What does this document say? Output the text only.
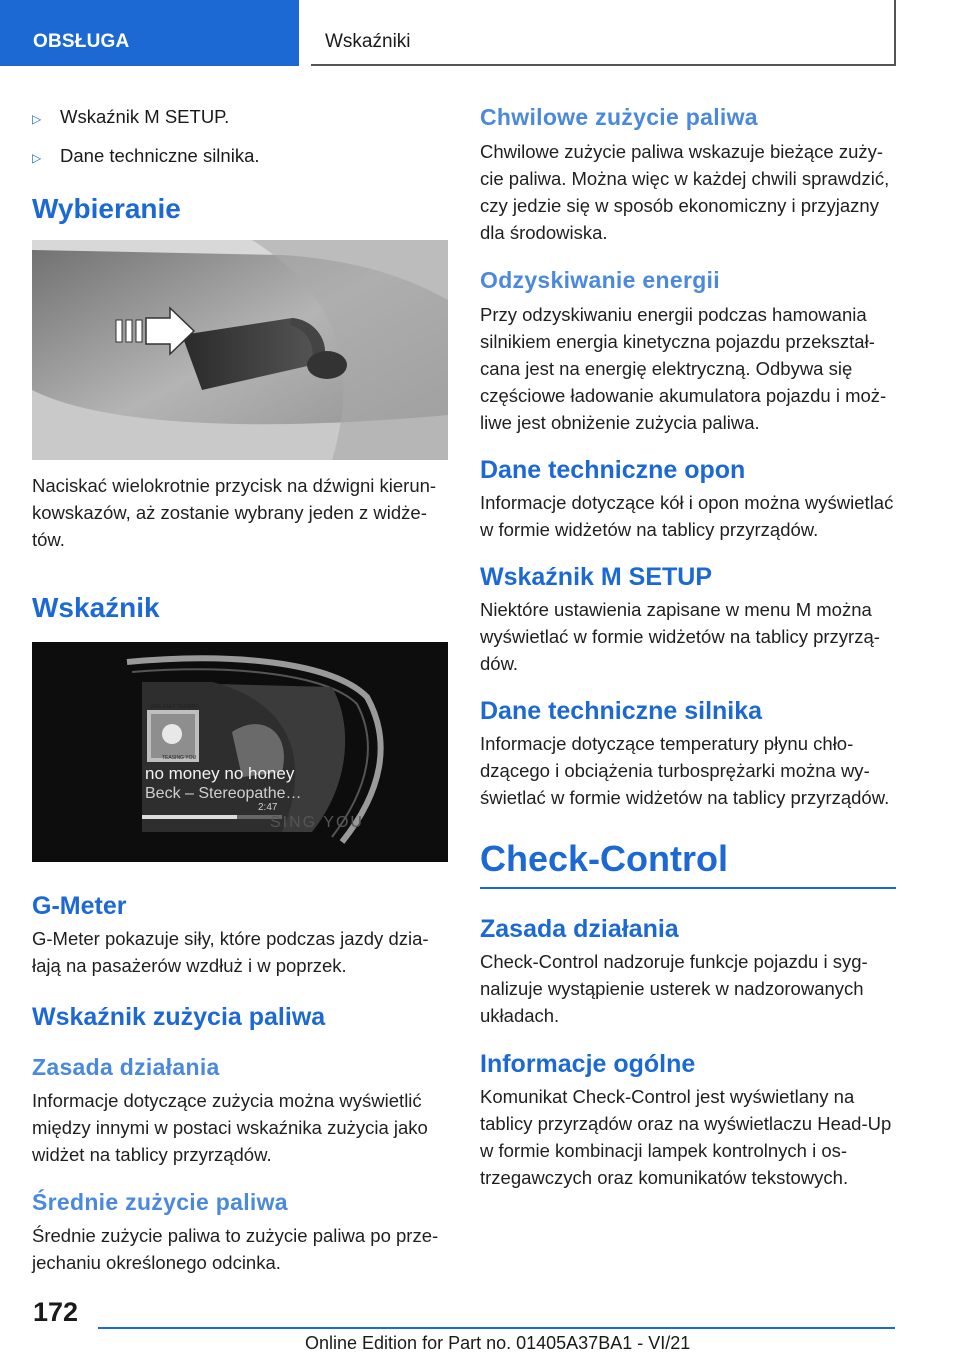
OBSŁUGA	Wskaźniki
▷	Wskaźnik M SETUP.
▷	Dane techniczne silnika.
Wybieranie
Naciskać wielokrotnie przycisk na dźwigni kierunkowskazów, aż zostanie wybrany jeden z widżetów.
Wskaźnik
WAS ONLY TEASING
TEASING YOU
no money no honey
Beck – Stereopathe…
2:47
SING YOU
G-Meter
G-Meter pokazuje siły, które podczas jazdy działają na pasażerów wzdłuż i w poprzek.
Wskaźnik zużycia paliwa
Zasada działania
Informacje dotyczące zużycia można wyświetlić między innymi w postaci wskaźnika zużycia jako widżet na tablicy przyrządów.
Średnie zużycie paliwa
Średnie zużycie paliwa to zużycie paliwa po przejechaniu określonego odcinka.
Chwilowe zużycie paliwa
Chwilowe zużycie paliwa wskazuje bieżące zużycie paliwa. Można więc w każdej chwili sprawdzić, czy jedzie się w sposób ekonomiczny i przyjazny dla środowiska.
Odzyskiwanie energii
Przy odzyskiwaniu energii podczas hamowania silnikiem energia kinetyczna pojazdu przekształcana jest na energię elektryczną. Odbywa się częściowe ładowanie akumulatora pojazdu i możliwe jest obniżenie zużycia paliwa.
Dane techniczne opon
Informacje dotyczące kół i opon można wyświetlać w formie widżetów na tablicy przyrządów.
Wskaźnik M SETUP
Niektóre ustawienia zapisane w menu M można wyświetlać w formie widżetów na tablicy przyrządów.
Dane techniczne silnika
Informacje dotyczące temperatury płynu chłodzącego i obciążenia turbosprężarki można wyświetlać w formie widżetów na tablicy przyrządów.
Check-Control
Zasada działania
Check-Control nadzoruje funkcje pojazdu i sygnalizuje wystąpienie usterek w nadzorowanych układach.
Informacje ogólne
Komunikat Check-Control jest wyświetlany na tablicy przyrządów oraz na wyświetlaczu Head-Up w formie kombinacji lampek kontrolnych i ostrzegawczych oraz komunikatów tekstowych.
172
Online Edition for Part no. 01405A37BA1 - VI/21
